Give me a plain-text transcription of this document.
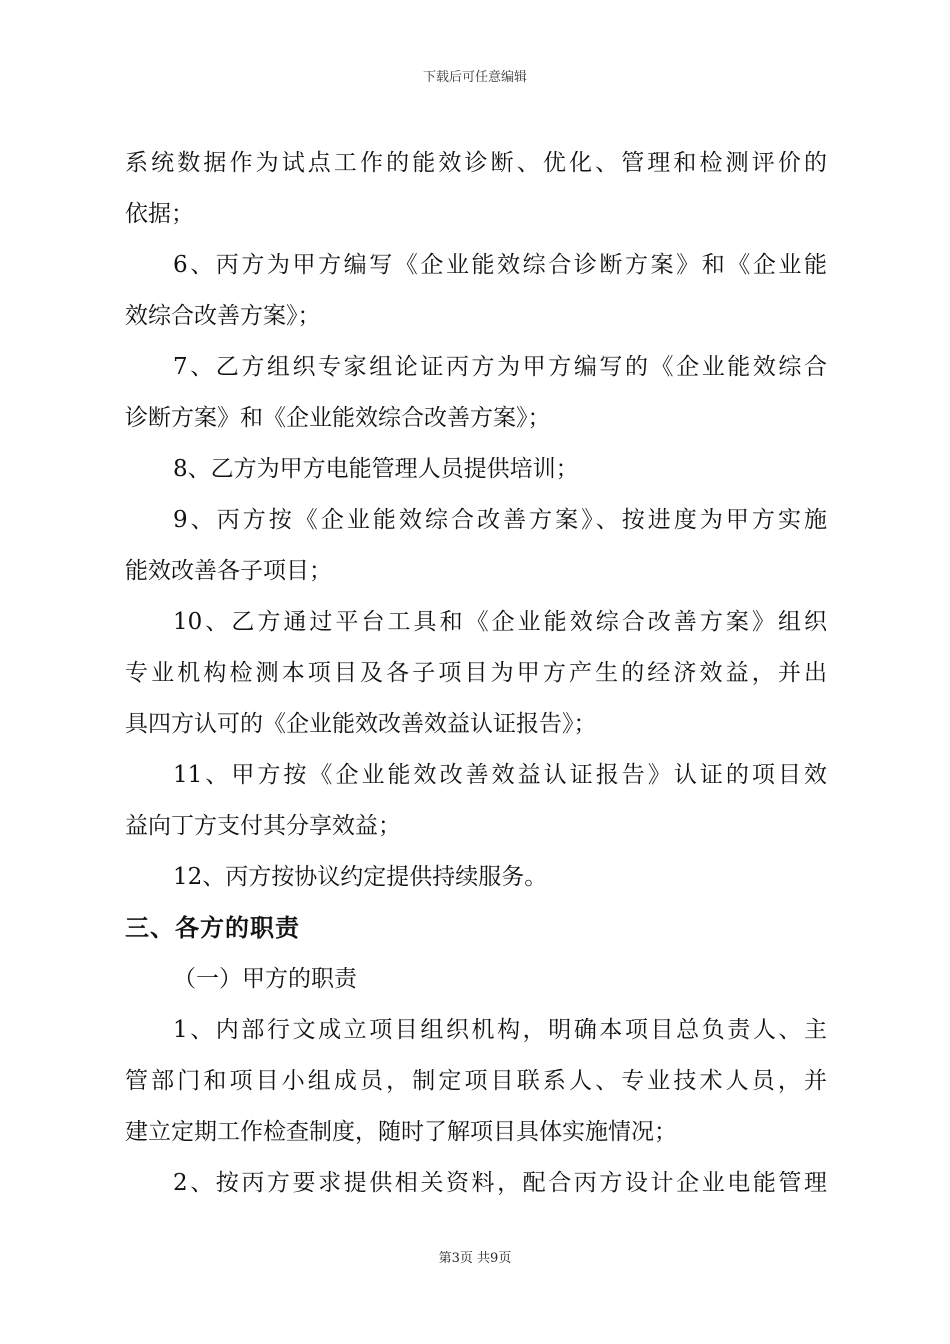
下载后可任意编辑
系统数据作为试点工作的能效诊断、优化、管理和检测评价的
依据；
6、丙方为甲方编写《企业能效综合诊断方案》和《企业能
效综合改善方案》；
7、乙方组织专家组论证丙方为甲方编写的《企业能效综合
诊断方案》和《企业能效综合改善方案》；
8、乙方为甲方电能管理人员提供培训；
9、丙方按《企业能效综合改善方案》、按进度为甲方实施
能效改善各子项目；
10、乙方通过平台工具和《企业能效综合改善方案》组织
专业机构检测本项目及各子项目为甲方产生的经济效益，并出
具四方认可的《企业能效改善效益认证报告》；
11、甲方按《企业能效改善效益认证报告》认证的项目效
益向丁方支付其分享效益；
12、丙方按协议约定提供持续服务。
三、各方的职责
（一）甲方的职责
1、内部行文成立项目组织机构，明确本项目总负责人、主
管部门和项目小组成员，制定项目联系人、专业技术人员，并
建立定期工作检查制度，随时了解项目具体实施情况；
2、按丙方要求提供相关资料，配合丙方设计企业电能管理
第3页 共9页
